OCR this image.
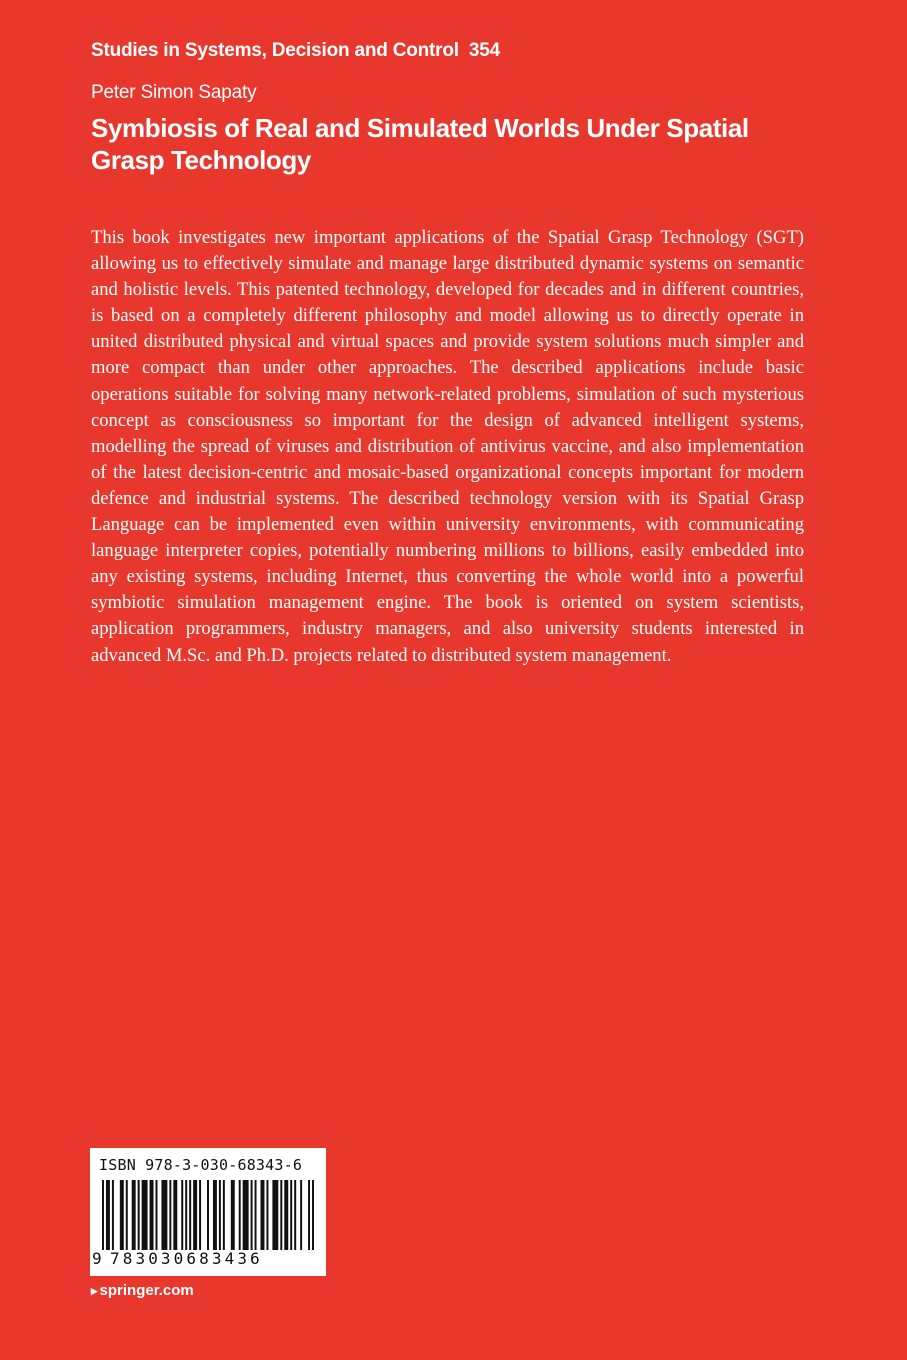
Studies in Systems, Decision and Control 354
Peter Simon Sapaty
Symbiosis of Real and Simulated Worlds Under Spatial Grasp Technology

This book investigates new important applications of the Spatial Grasp Technology (SGT) allowing us to effectively simulate and manage large distributed dynamic systems on semantic and holistic levels. This patented technology, developed for decades and in different countries, is based on a completely different philosophy and model allowing us to directly operate in united distributed physical and virtual spaces and provide system solutions much simpler and more compact than under other approaches. The described applications include basic operations suitable for solving many network-related problems, simulation of such mysterious concept as consciousness so important for the design of advanced intelligent systems, modelling the spread of viruses and distribution of antivirus vaccine, and also implementation of the latest decision-centric and mosaic-based organizational concepts important for modern defence and industrial systems. The described technology version with its Spatial Grasp Language can be implemented even within university environments, with communicating language interpreter copies, potentially numbering millions to billions, easily embedded into any existing systems, including Internet, thus converting the whole world into a powerful symbiotic simulation management engine. The book is oriented on system scientists, application programmers, industry managers, and also university students interested in advanced M.Sc. and Ph.D. projects related to distributed system management.

ISBN 978-3-030-68343-6
9 783030683436
▸ springer.com
